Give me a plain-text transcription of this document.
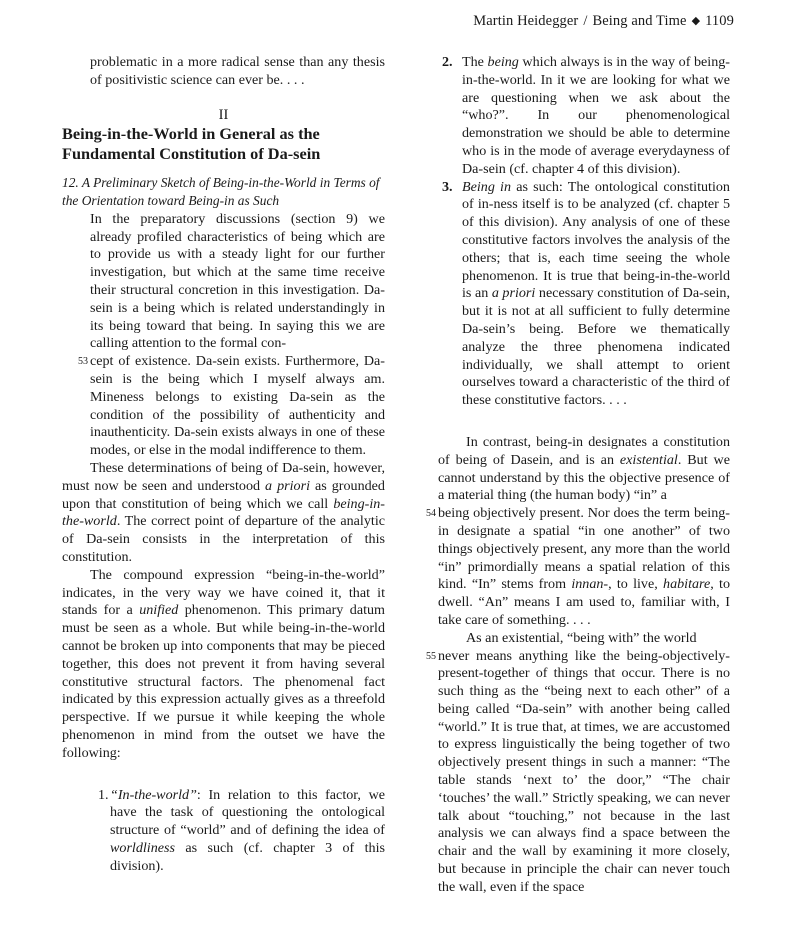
Martin Heidegger / Being and Time ◆ 1109

problematic in a more radical sense than any thesis of positivistic science can ever be. . . .

II
Being-in-the-World in General as the Fundamental Constitution of Da-sein
12. A Preliminary Sketch of Being-in-the-World in Terms of the Orientation toward Being-in as Such

In the preparatory discussions (section 9) we already profiled characteristics of being which are to provide us with a steady light for our further investigation, but which at the same time receive their structural concretion in this investigation. Da-sein is a being which is related understandingly in its being toward that being. In saying this we are calling attention to the formal con-

53 cept of existence. Da-sein exists. Furthermore, Da-sein is the being which I myself always am. Mineness belongs to existing Da-sein as the condition of the possibility of authenticity and inauthenticity. Da-sein exists always in one of these modes, or else in the modal indifference to them.

These determinations of being of Da-sein, however, must now be seen and understood a priori as grounded upon that constitution of being which we call being-in-the-world. The correct point of departure of the analytic of Da-sein consists in the interpretation of this constitution.

The compound expression “being-in-the-world” indicates, in the very way we have coined it, that it stands for a unified phenomenon. This primary datum must be seen as a whole. But while being-in-the-world cannot be broken up into components that may be pieced together, this does not prevent it from having several constitutive structural factors. The phenomenal fact indicated by this expression actually gives as a threefold perspective. If we pursue it while keeping the whole phenomenon in mind from the outset we have the following:

1. “In-the-world”: In relation to this factor, we have the task of questioning the ontological structure of “world” and of defining the idea of worldliness as such (cf. chapter 3 of this division).
2. The being which always is in the way of being-in-the-world. In it we are looking for what we are questioning when we ask about the “who?”. In our phenomenological demonstration we should be able to determine who is in the mode of average everydayness of Da-sein (cf. chapter 4 of this division).
3. Being in as such: The ontological constitution of in-ness itself is to be analyzed (cf. chapter 5 of this division). Any analysis of one of these constitutive factors involves the analysis of the others; that is, each time seeing the whole phenomenon. It is true that being-in-the-world is an a priori necessary constitution of Da-sein, but it is not at all sufficient to fully determine Da-sein’s being. Before we thematically analyze the three phenomena indicated individually, we shall attempt to orient ourselves toward a characteristic of the third of these constitutive factors. . . .

In contrast, being-in designates a constitution of being of Dasein, and is an existential. But we cannot understand by this the objective presence of a material thing (the human body) “in” a

54 being objectively present. Nor does the term being-in designate a spatial “in one another” of two things objectively present, any more than the world “in” primordially means a spatial relation of this kind. “In” stems from innan-, to live, habitare, to dwell. “An” means I am used to, familiar with, I take care of something. . . .

As an existential, “being with” the world

55 never means anything like the being-objectively-present-together of things that occur. There is no such thing as the “being next to each other” of a being called “Da-sein” with another being called “world.” It is true that, at times, we are accustomed to express linguistically the being together of two objectively present things in such a manner: “The table stands ‘next to’ the door,” “The chair ‘touches’ the wall.” Strictly speaking, we can never talk about “touching,” not because in the last analysis we can always find a space between the chair and the wall by examining it more closely, but because in principle the chair can never touch the wall, even if the space
